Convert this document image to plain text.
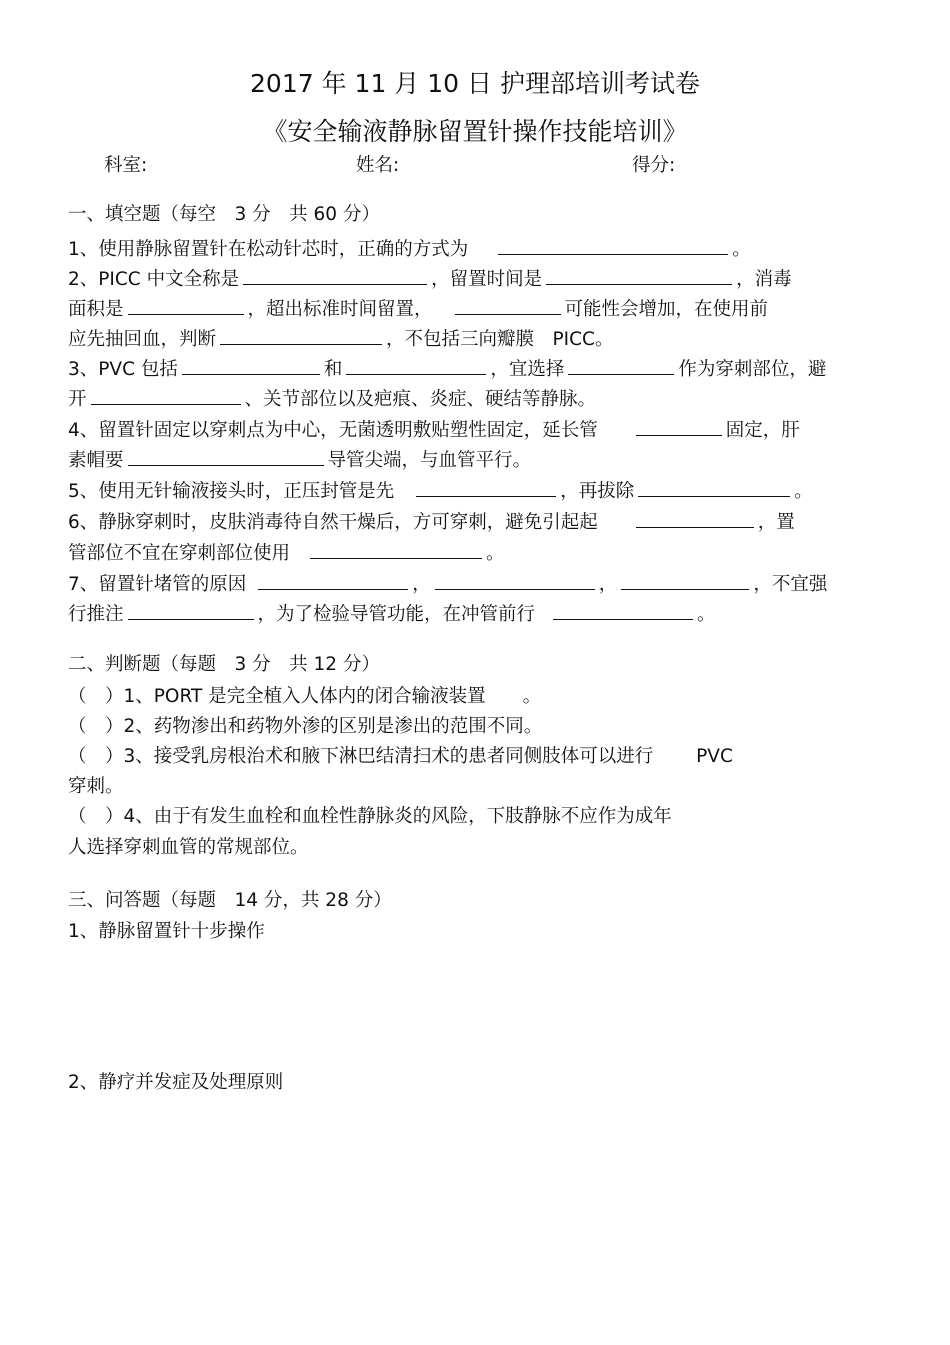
2017 年 11 月 10 日 护理部培训考试卷
《安全输液静脉留置针操作技能培训》
科室:	姓名:	得分:
一、填空题（每空　3 分　共 60 分）
1、使用静脉留置针在松动针芯时，正确的方式为	。
2、PICC 中文全称是	，留置时间是	，消毒
面积是	，超出标准时间留置，	可能性会增加，在使用前
应先抽回血，判断	，不包括三向瓣膜　PICC。
3、PVC 包括	和	，宜选择	作为穿刺部位，避
开	、关节部位以及疤痕、炎症、硬结等静脉。
4、留置针固定以穿刺点为中心，无菌透明敷贴塑性固定，延长管	固定，肝
素帽要	导管尖端，与血管平行。
5、使用无针输液接头时，正压封管是先	，再拔除	。
6、静脉穿刺时，皮肤消毒待自然干燥后，方可穿刺，避免引起起	，置
管部位不宜在穿刺部位使用	。
7、留置针堵管的原因	，	，	，不宜强
行推注	，为了检验导管功能，在冲管前行	。
二、判断题（每题　3 分　共 12 分）
（　）1、PORT 是完全植入人体内的闭合输液装置　　。
（　）2、药物渗出和药物外渗的区别是渗出的范围不同。
（　）3、接受乳房根治术和腋下淋巴结清扫术的患者同侧肢体可以进行　　 PVC
穿刺。
（　）4、由于有发生血栓和血栓性静脉炎的风险，下肢静脉不应作为成年
人选择穿刺血管的常规部位。
三、问答题（每题　14 分，共 28 分）
1、静脉留置针十步操作
2、静疗并发症及处理原则
